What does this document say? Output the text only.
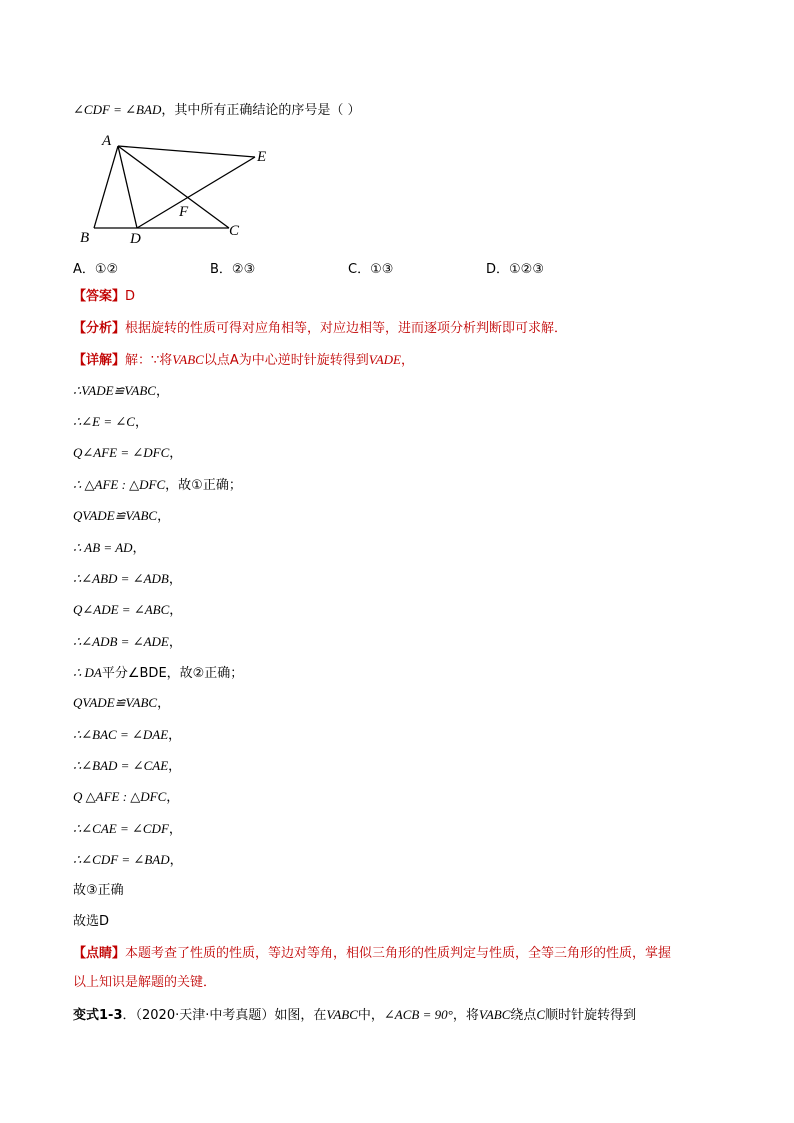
∠CDF = ∠BAD，其中所有正确结论的序号是（ ）
A
E
F
B	D	C
A．①②	B．②③	C．①③	D．①②③
【答案】D
【分析】根据旋转的性质可得对应角相等，对应边相等，进而逐项分析判断即可求解．
【详解】解：∵将VABC以点A为中心逆时针旋转得到VADE，
∴VADE≌VABC，
∴∠E = ∠C，
Q∠AFE = ∠DFC，
∴ △AFE : △DFC，故①正确；
QVADE≌VABC，
∴ AB = AD，
∴∠ABD = ∠ADB，
Q∠ADE = ∠ABC，
∴∠ADB = ∠ADE，
∴ DA平分∠BDE，故②正确；
QVADE≌VABC，
∴∠BAC = ∠DAE，
∴∠BAD = ∠CAE，
Q △AFE : △DFC，
∴∠CAE = ∠CDF，
∴∠CDF = ∠BAD，
故③正确
故选D
【点睛】本题考查了性质的性质，等边对等角，相似三角形的性质判定与性质，全等三角形的性质，掌握
以上知识是解题的关键．
变式1-3．（2020·天津·中考真题）如图，在VABC中，∠ACB = 90°，将VABC绕点C顺时针旋转得到
